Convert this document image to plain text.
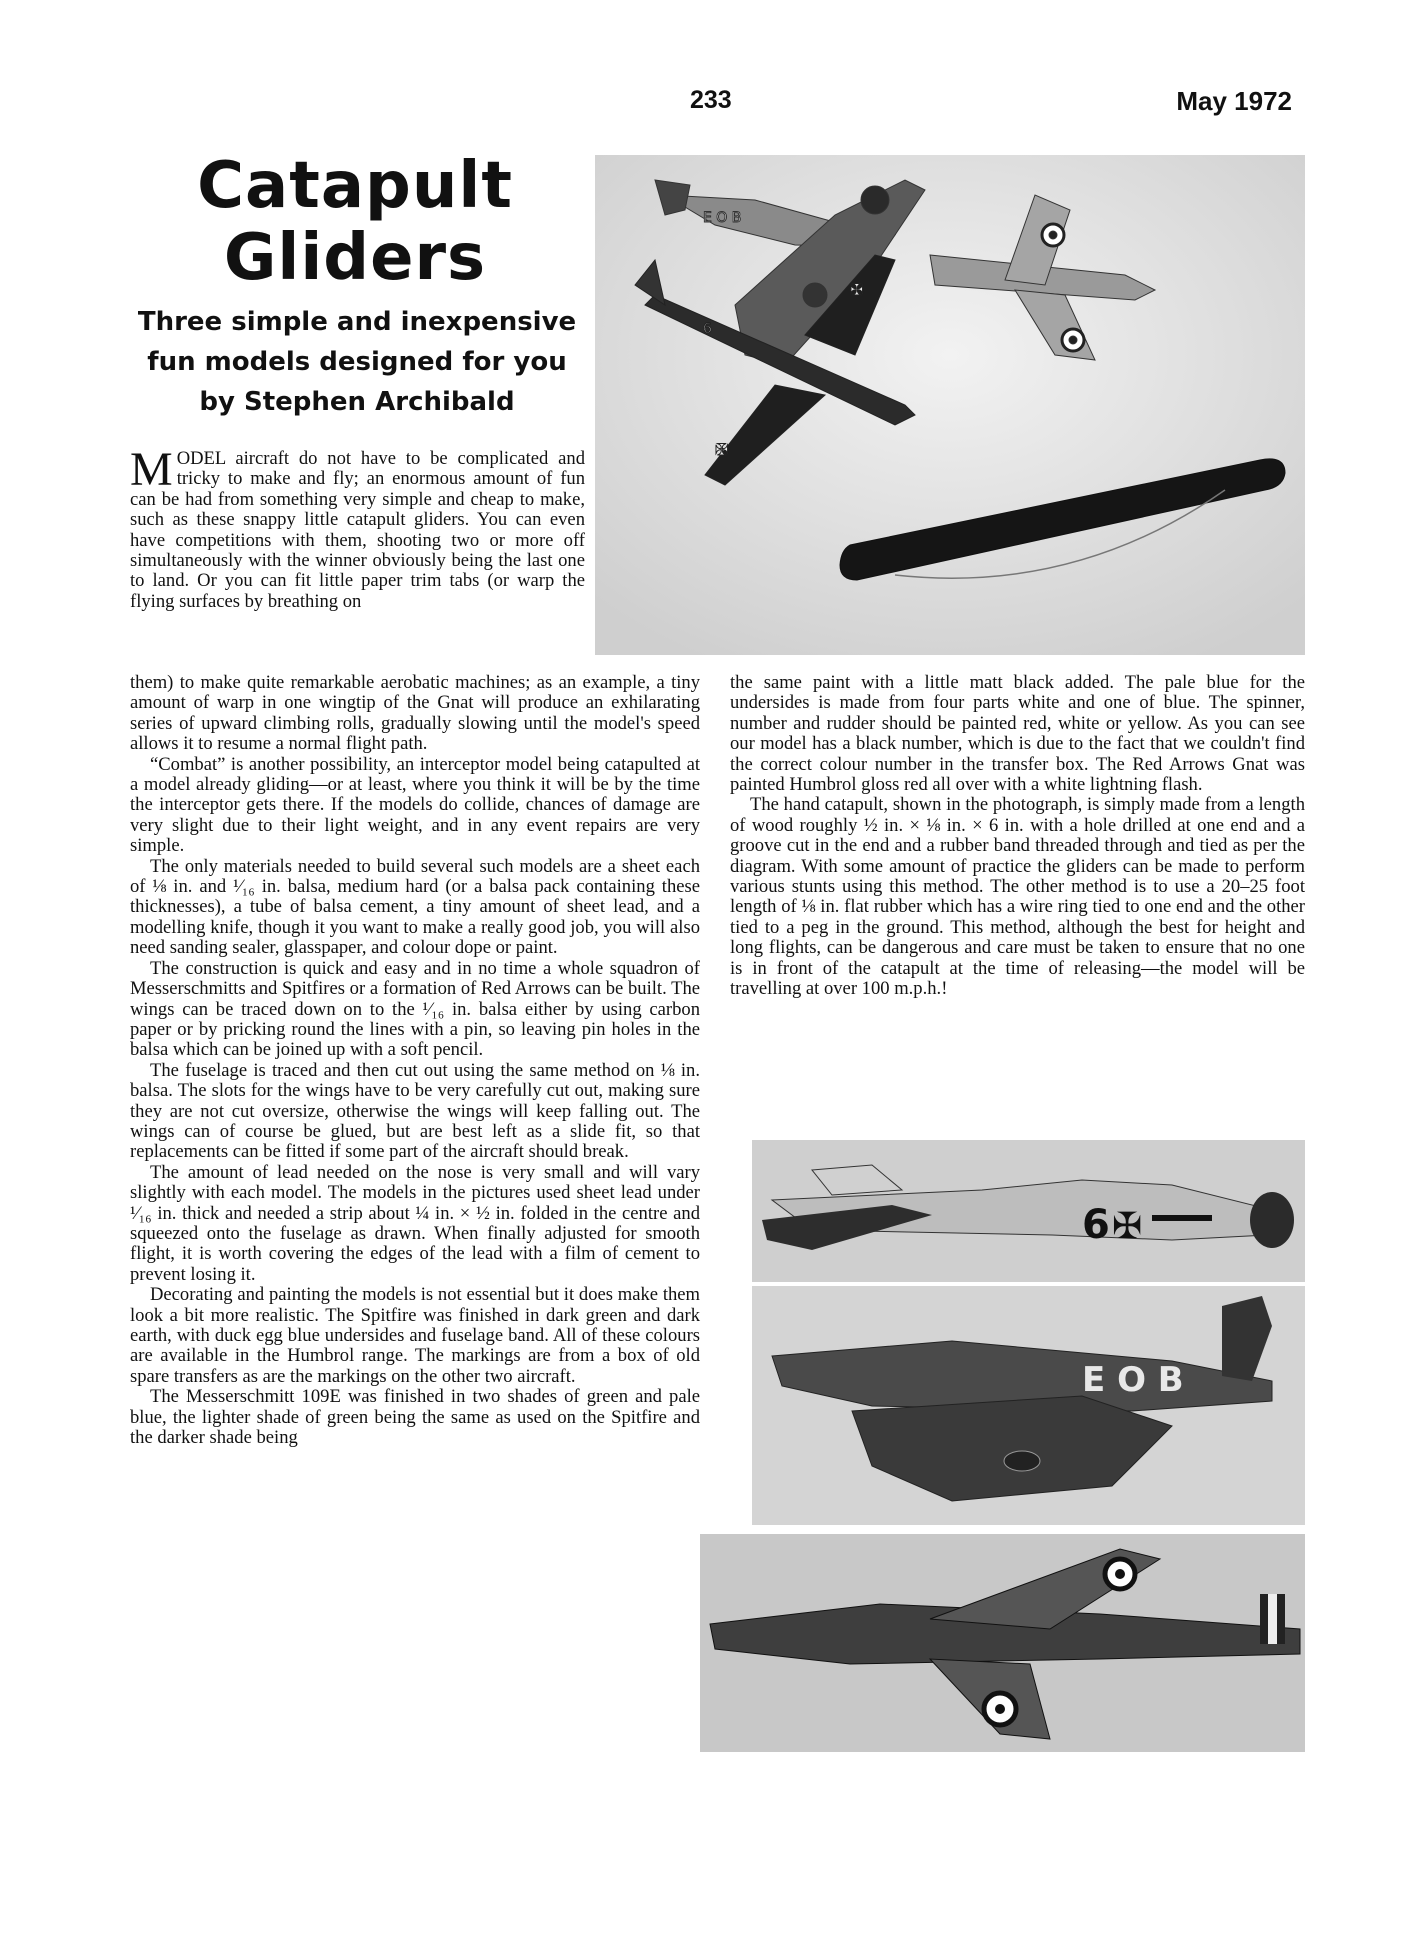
233	May 1972
Catapult
Gliders
Three simple and inexpensive
fun models designed for you
by Stephen Archibald

MODEL aircraft do not have to be complicated and tricky to make and fly; an enormous amount of fun can be had from something very simple and cheap to make, such as these snappy little catapult gliders. You can even have competitions with them, shooting two or more off simultaneously with the winner obviously being the last one to land. Or you can fit little paper trim tabs (or warp the flying surfaces by breathing on

them) to make quite remarkable aerobatic machines; as an example, a tiny amount of warp in one wingtip of the Gnat will produce an exhilarating series of upward climbing rolls, gradually slowing until the model's speed allows it to resume a normal flight path.

“Combat” is another possibility, an interceptor model being catapulted at a model already gliding—or at least, where you think it will be by the time the interceptor gets there. If the models do collide, chances of damage are very slight due to their light weight, and in any event repairs are very simple.

The only materials needed to build several such models are a sheet each of ⅛ in. and ¹⁄₁₆ in. balsa, medium hard (or a balsa pack containing these thicknesses), a tube of balsa cement, a tiny amount of sheet lead, and a modelling knife, though it you want to make a really good job, you will also need sanding sealer, glasspaper, and colour dope or paint.

The construction is quick and easy and in no time a whole squadron of Messerschmitts and Spitfires or a formation of Red Arrows can be built. The wings can be traced down on to the ¹⁄₁₆ in. balsa either by using carbon paper or by pricking round the lines with a pin, so leaving pin holes in the balsa which can be joined up with a soft pencil.

The fuselage is traced and then cut out using the same method on ⅛ in. balsa. The slots for the wings have to be very carefully cut out, making sure they are not cut oversize, otherwise the wings will keep falling out. The wings can of course be glued, but are best left as a slide fit, so that replacements can be fitted if some part of the aircraft should break.

The amount of lead needed on the nose is very small and will vary slightly with each model. The models in the pictures used sheet lead under ¹⁄₁₆ in. thick and needed a strip about ¼ in. × ½ in. folded in the centre and squeezed onto the fuselage as drawn. When finally adjusted for smooth flight, it is worth covering the edges of the lead with a film of cement to prevent losing it.

Decorating and painting the models is not essential but it does make them look a bit more realistic. The Spitfire was finished in dark green and dark earth, with duck egg blue undersides and fuselage band. All of these colours are available in the Humbrol range. The markings are from a box of old spare transfers as are the markings on the other two aircraft.

The Messerschmitt 109E was finished in two shades of green and pale blue, the lighter shade of green being the same as used on the Spitfire and the darker shade being

the same paint with a little matt black added. The pale blue for the undersides is made from four parts white and one of blue. The spinner, number and rudder should be painted red, white or yellow. As you can see our model has a black number, which is due to the fact that we couldn't find the correct colour number in the transfer box. The Red Arrows Gnat was painted Humbrol gloss red all over with a white lightning flash.

The hand catapult, shown in the photograph, is simply made from a length of wood roughly ½ in. × ⅛ in. × 6 in. with a hole drilled at one end and a groove cut in the end and a rubber band threaded through and tied as per the diagram. With some amount of practice the gliders can be made to perform various stunts using this method. The other method is to use a 20–25 foot length of ⅛ in. flat rubber which has a wire ring tied to one end and the other tied to a peg in the ground. This method, although the best for height and long flights, can be dangerous and care must be taken to ensure that no one is in front of the catapult at the time of releasing—the model will be travelling at over 100 m.p.h.!

E O B
✠
✠
6
6 ✠
E O B
